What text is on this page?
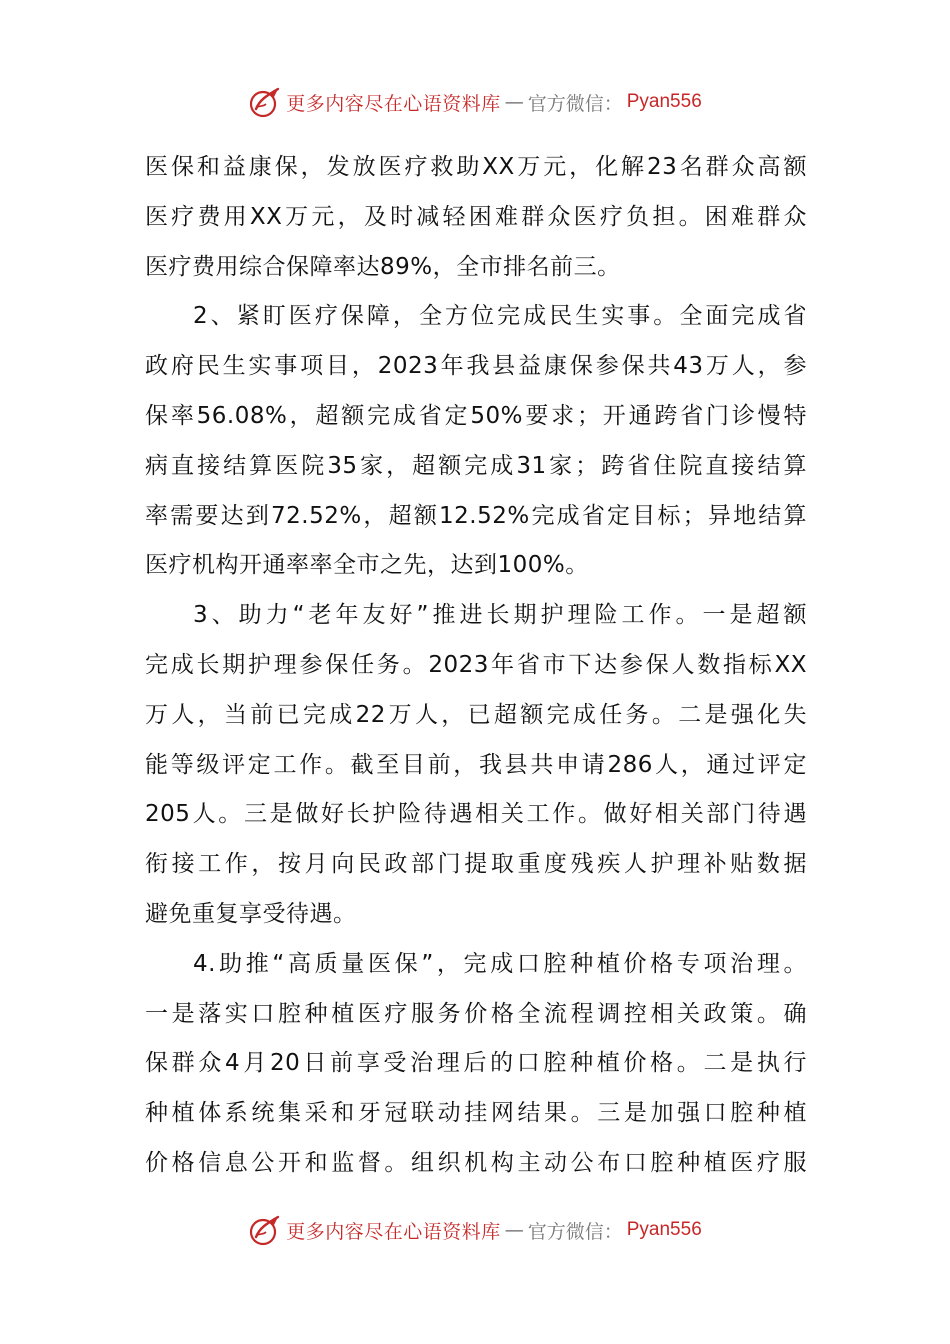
更多内容尽在心语资料库 — 官方微信： Pyan556
医保和益康保，发放医疗救助XX万元，化解23名群众高额
医疗费用XX万元，及时减轻困难群众医疗负担。困难群众
医疗费用综合保障率达89%，全市排名前三。
2、紧盯医疗保障，全方位完成民生实事。全面完成省
政府民生实事项目，2023年我县益康保参保共43万人，参
保率56.08%，超额完成省定50%要求；开通跨省门诊慢特
病直接结算医院35家，超额完成31家；跨省住院直接结算
率需要达到72.52%，超额12.52%完成省定目标；异地结算
医疗机构开通率率全市之先，达到100%。
3、助力“老年友好”推进长期护理险工作。一是超额
完成长期护理参保任务。2023年省市下达参保人数指标XX
万人，当前已完成22万人，已超额完成任务。二是强化失
能等级评定工作。截至目前，我县共申请286人，通过评定
205人。三是做好长护险待遇相关工作。做好相关部门待遇
衔接工作，按月向民政部门提取重度残疾人护理补贴数据
避免重复享受待遇。
4.助推“高质量医保”，完成口腔种植价格专项治理。
一是落实口腔种植医疗服务价格全流程调控相关政策。确
保群众4月20日前享受治理后的口腔种植价格。二是执行
种植体系统集采和牙冠联动挂网结果。三是加强口腔种植
价格信息公开和监督。组织机构主动公布口腔种植医疗服
更多内容尽在心语资料库 — 官方微信： Pyan556
